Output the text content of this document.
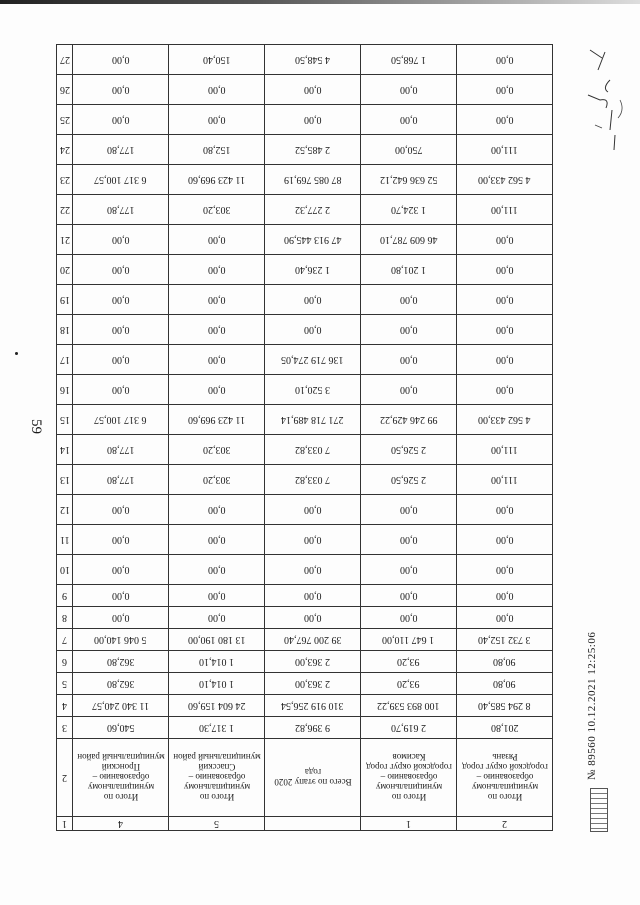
59
27	0,00	150,40	4 548,50	1 768,50	0,00
26	0,00	0,00	0,00	0,00	0,00
25	0,00	0,00	0,00	0,00	0,00
24	177,80	152,80	2 485,52	750,00	111,00
23	6 317 100,57	11 423 969,60	87 085 769,19	52 636 642,12	4 562 433,00
22	177,80	303,20	2 277,32	1 324,70	111,00
21	0,00	0,00	47 913 445,90	46 609 787,10	0,00
20	0,00	0,00	1 236,40	1 201,80	0,00
19	0,00	0,00	0,00	0,00	0,00
18	0,00	0,00	0,00	0,00	0,00
17	0,00	0,00	136 719 274,05	0,00	0,00
16	0,00	0,00	3 520,10	0,00	0,00
15	6 317 100,57	11 423 969,60	271 718 489,14	99 246 429,22	4 562 433,00
14	177,80	303,20	7 033,82	2 526,50	111,00
13	177,80	303,20	7 033,82	2 526,50	111,00
12	0,00	0,00	0,00	0,00	0,00
11	0,00	0,00	0,00	0,00	0,00
10	0,00	0,00	0,00	0,00	0,00
9	0,00	0,00	0,00	0,00	0,00
8	0,00	0,00	0,00	0,00	0,00
7	5 046 140,00	13 180 190,00	39 200 767,40	1 647 110,00	3 732 152,40
6	362,80	1 014,10	2 363,00	93,20	90,80
5	362,80	1 014,10	2 363,00	93,20	90,80
4	11 340 240,57	24 604 159,60	310 919 256,54	100 893 539,22	8 294 585,40
3	540,60	1 317,30	9 396,82	2 619,70	201,80
2	Итого по муниципальному образованию – Пронский муниципальный район	Итого по муниципальному образованию – Спасский муниципальный район	Всего по этапу 2020 года	Итого по муниципальному образованию – городской округ город Касимов	Итого по муниципальному образованию – городской округ город Рязань
1	4	5		1	2
№ 89560 10.12.2021 12:25:06
